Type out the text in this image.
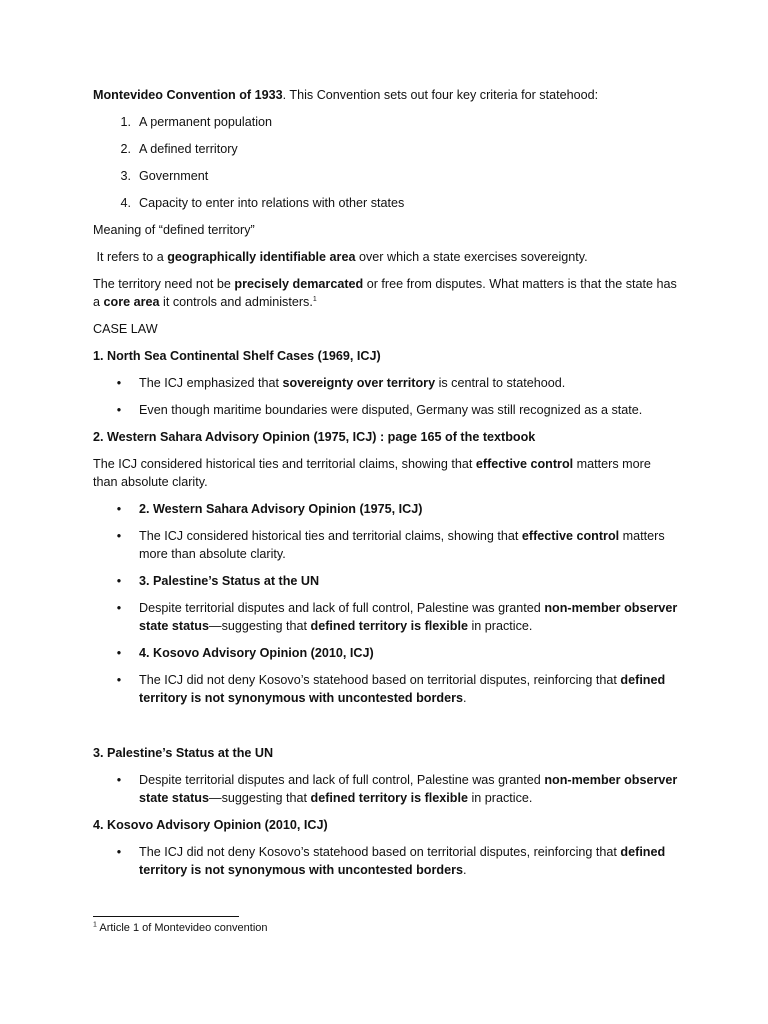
Montevideo Convention of 1933. This Convention sets out four key criteria for statehood:

1. A permanent population
2. A defined territory
3. Government
4. Capacity to enter into relations with other states

Meaning of “defined territory”

It refers to a geographically identifiable area over which a state exercises sovereignty.

The territory need not be precisely demarcated or free from disputes. What matters is that the state has a core area it controls and administers.$^1$

CASE LAW

1. North Sea Continental Shelf Cases (1969, ICJ)

•	The ICJ emphasized that sovereignty over territory is central to statehood.
•	Even though maritime boundaries were disputed, Germany was still recognized as a state.

2. Western Sahara Advisory Opinion (1975, ICJ) : page 165 of the textbook

The ICJ considered historical ties and territorial claims, showing that effective control matters more than absolute clarity.

•	2. Western Sahara Advisory Opinion (1975, ICJ)
•	The ICJ considered historical ties and territorial claims, showing that effective control matters more than absolute clarity.
•	3. Palestine’s Status at the UN
•	Despite territorial disputes and lack of full control, Palestine was granted non-member observer state status—suggesting that defined territory is flexible in practice.
•	4. Kosovo Advisory Opinion (2010, ICJ)
•	The ICJ did not deny Kosovo’s statehood based on territorial disputes, reinforcing that defined territory is not synonymous with uncontested borders.

3. Palestine’s Status at the UN

•	Despite territorial disputes and lack of full control, Palestine was granted non-member observer state status—suggesting that defined territory is flexible in practice.

4. Kosovo Advisory Opinion (2010, ICJ)

•	The ICJ did not deny Kosovo’s statehood based on territorial disputes, reinforcing that defined territory is not synonymous with uncontested borders.
$^1$ Article 1 of Montevideo convention
